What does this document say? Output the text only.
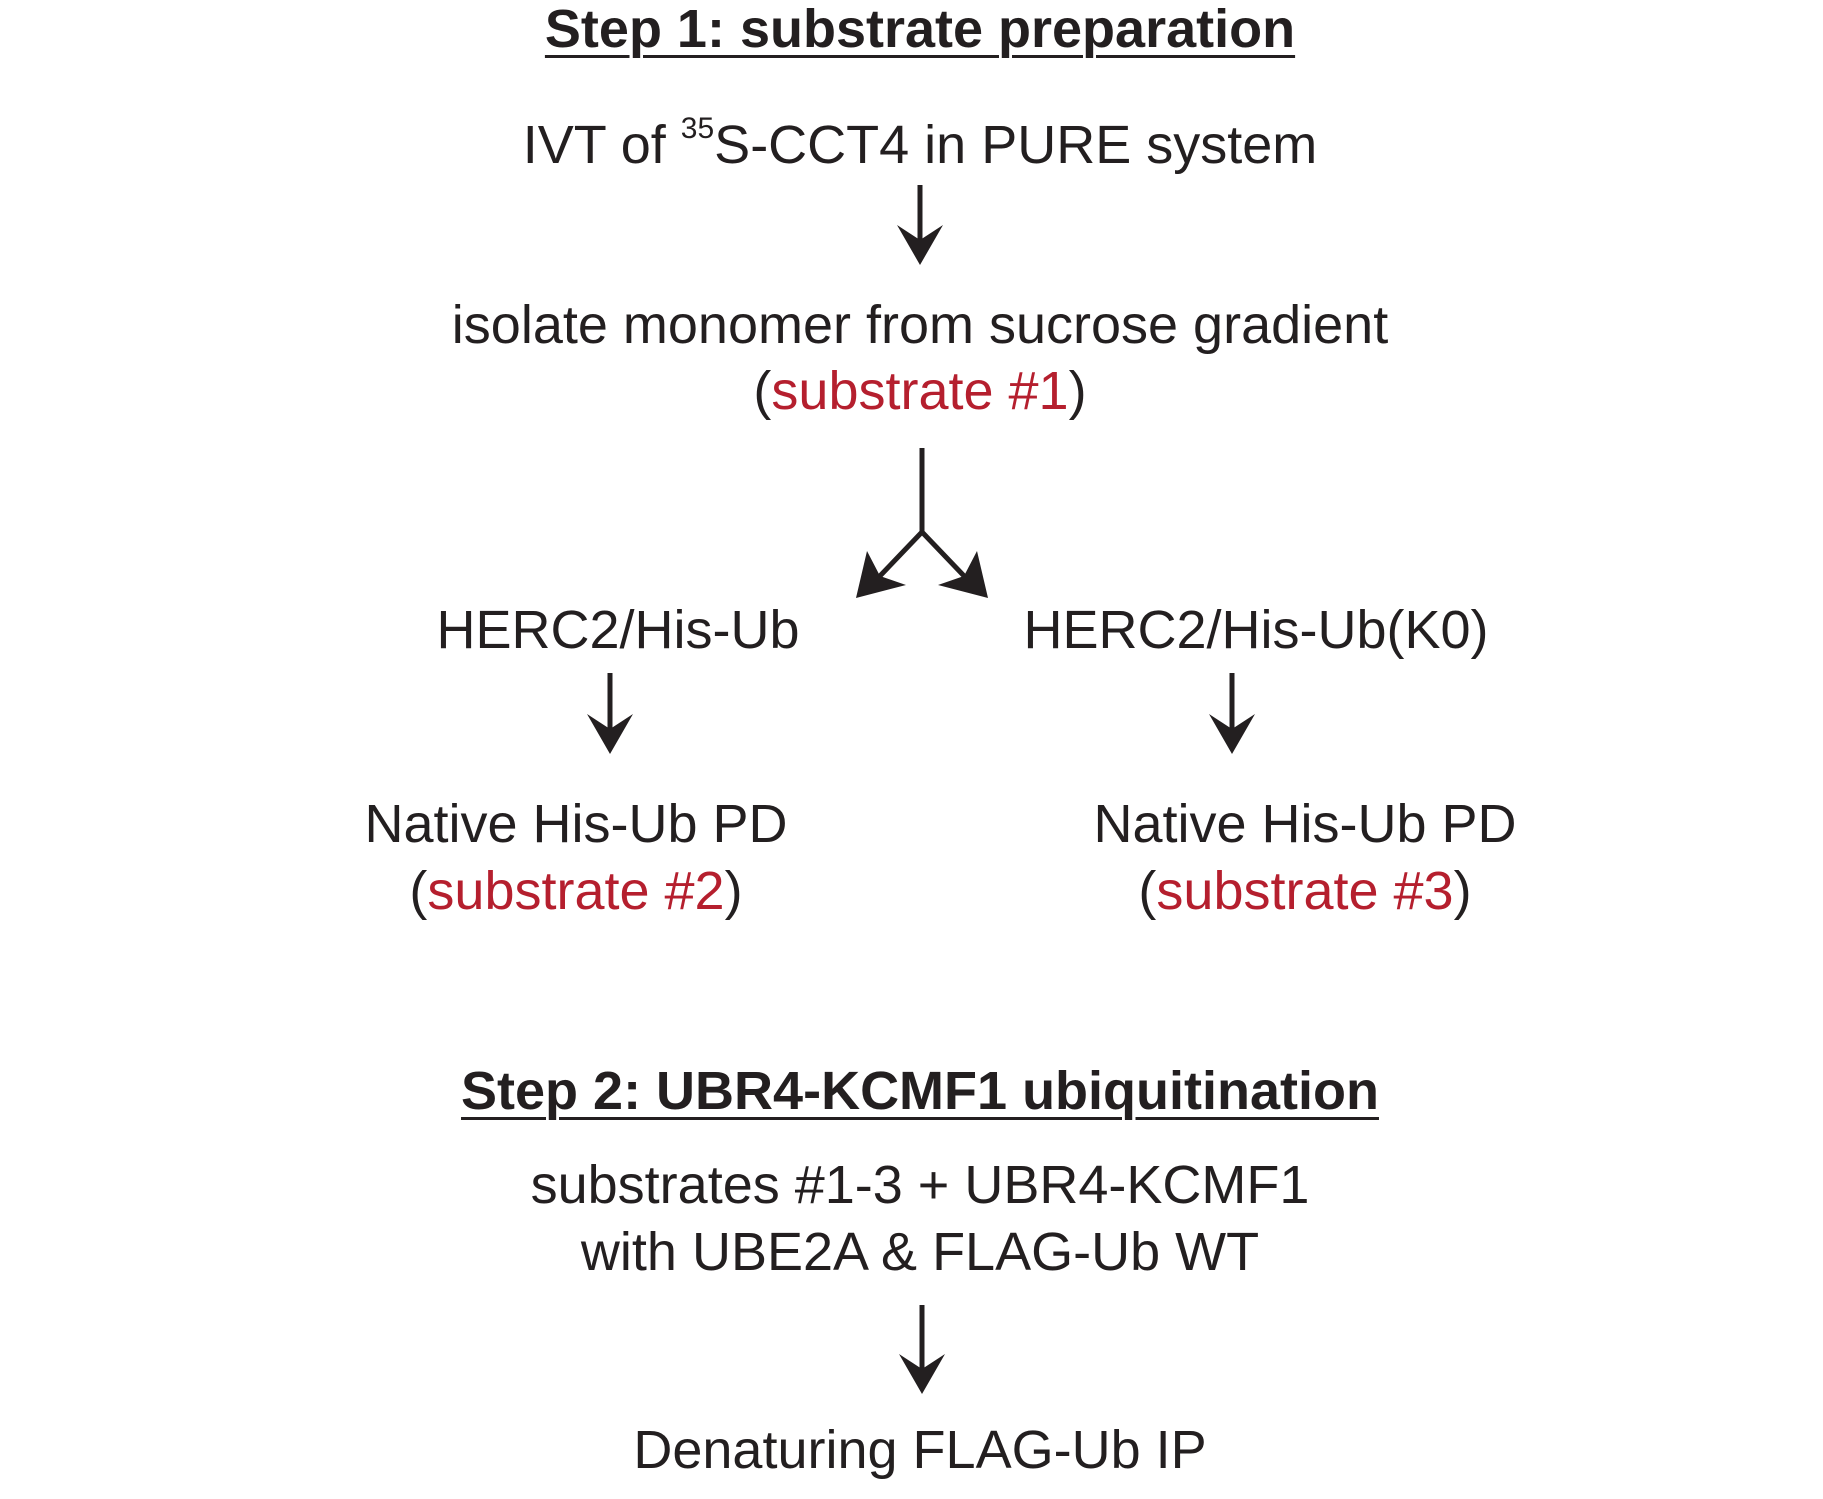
Step 1: substrate preparation
IVT of $^{35}$S-CCT4 in PURE system
isolate monomer from sucrose gradient
(substrate #1)
HERC2/His-Ub	HERC2/His-Ub(K0)
Native His-Ub PD
(substrate #2)
Native His-Ub PD
(substrate #3)
Step 2: UBR4-KCMF1 ubiquitination
substrates #1-3 + UBR4-KCMF1
with UBE2A & FLAG-Ub WT
Denaturing FLAG-Ub IP
